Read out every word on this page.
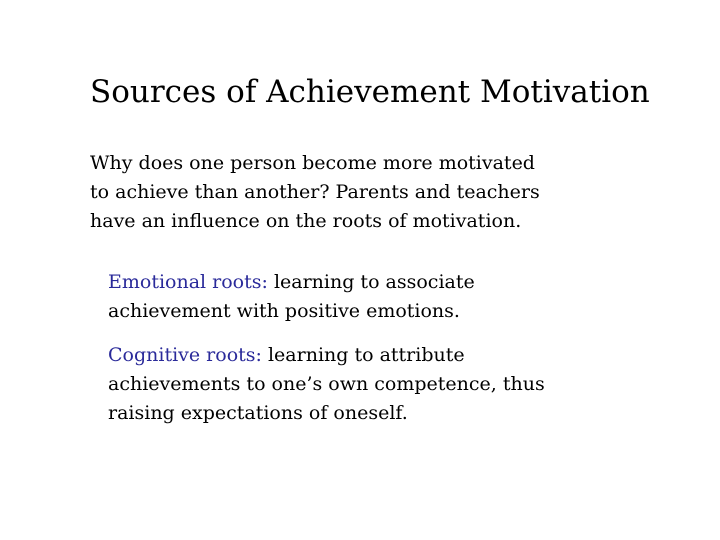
Sources of Achievement Motivation

Why does one person become more motivated
to achieve than another? Parents and teachers
have an influence on the roots of motivation.

Emotional roots: learning to associate
achievement with positive emotions.

Cognitive roots: learning to attribute
achievements to one’s own competence, thus
raising expectations of oneself.
